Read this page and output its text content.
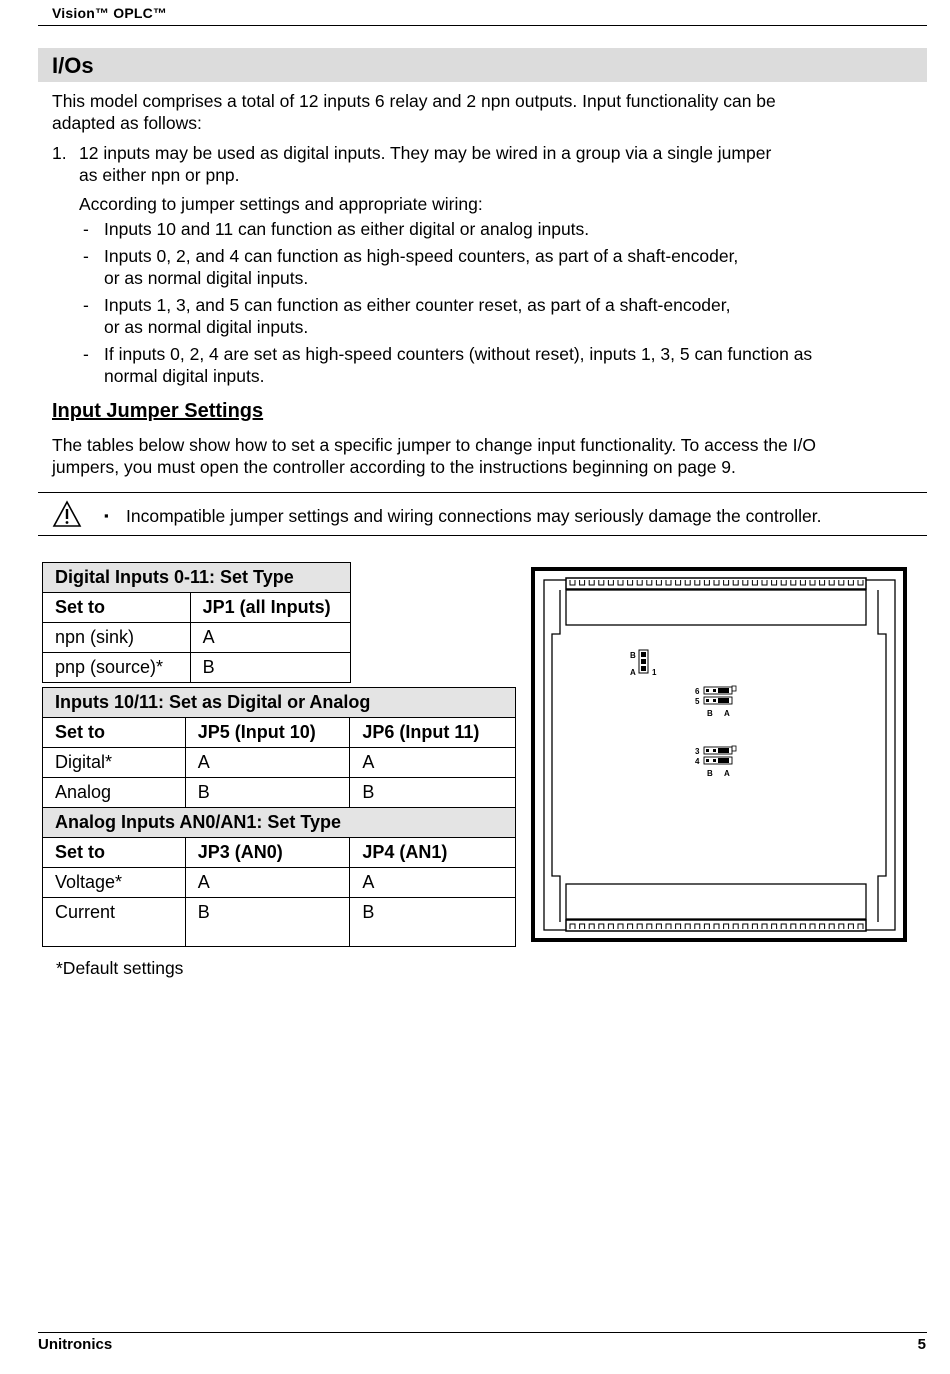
Vision™ OPLC™
I/Os
This model comprises a total of 12 inputs 6 relay and 2 npn outputs. Input functionality can be
adapted as follows:
1. 12 inputs may be used as digital inputs. They may be wired in a group via a single jumper
as either npn or pnp.
According to jumper settings and appropriate wiring:
- Inputs 10 and 11 can function as either digital or analog inputs.
- Inputs 0, 2, and 4 can function as high-speed counters, as part of a shaft-encoder,
or as normal digital inputs.
- Inputs 1, 3, and 5 can function as either counter reset, as part of a shaft-encoder,
or as normal digital inputs.
- If inputs 0, 2, 4 are set as high-speed counters (without reset), inputs 1, 3, 5 can function as
normal digital inputs.
Input Jumper Settings
The tables below show how to set a specific jumper to change input functionality. To access the I/O
jumpers, you must open the controller according to the instructions beginning on page 9.
▪ Incompatible jumper settings and wiring connections may seriously damage the controller.
Digital Inputs 0-11: Set Type	
Set to	JP1 (all Inputs)
npn (sink)	A
pnp (source)*	B
Inputs 10/11: Set as Digital or Analog		
Set to	JP5 (Input 10)	JP6 (Input 11)
Digital*	A	A
Analog	B	B
Analog Inputs AN0/AN1: Set Type		
Set to	JP3 (AN0)	JP4 (AN1)
Voltage*	A	A
Current	B	B
*Default settings
B
A 1
6
5
B A
3
4
B A
Unitronics	5
